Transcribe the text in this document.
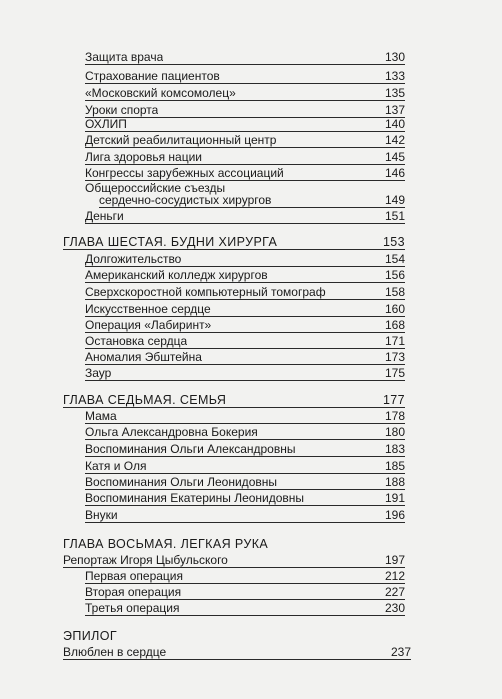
Защита врача	130
Страхование пациентов	133
«Московский комсомолец»	135
Уроки спорта	137
ОХЛИП	140
Детский реабилитационный центр	142
Лига здоровья нации	145
Конгрессы зарубежных ассоциаций	146
Общероссийские съезды
сердечно-сосудистых хирургов	149
Деньги	151
ГЛАВА ШЕСТАЯ. БУДНИ ХИРУРГА	153
Долгожительство	154
Американский колледж хирургов	156
Сверхскоростной компьютерный томограф	158
Искусственное сердце	160
Операция «Лабиринт»	168
Остановка сердца	171
Аномалия Эбштейна	173
Заур	175
ГЛАВА СЕДЬМАЯ. СЕМЬЯ	177
Мама	178
Ольга Александровна Бокерия	180
Воспоминания Ольги Александровны	183
Катя и Оля	185
Воспоминания Ольги Леонидовны	188
Воспоминания Екатерины Леонидовны	191
Внуки	196
ГЛАВА ВОСЬМАЯ. ЛЕГКАЯ РУКА
Репортаж Игоря Цыбульского	197
Первая операция	212
Вторая операция	227
Третья операция	230
ЭПИЛОГ
Влюблен в сердце	237
